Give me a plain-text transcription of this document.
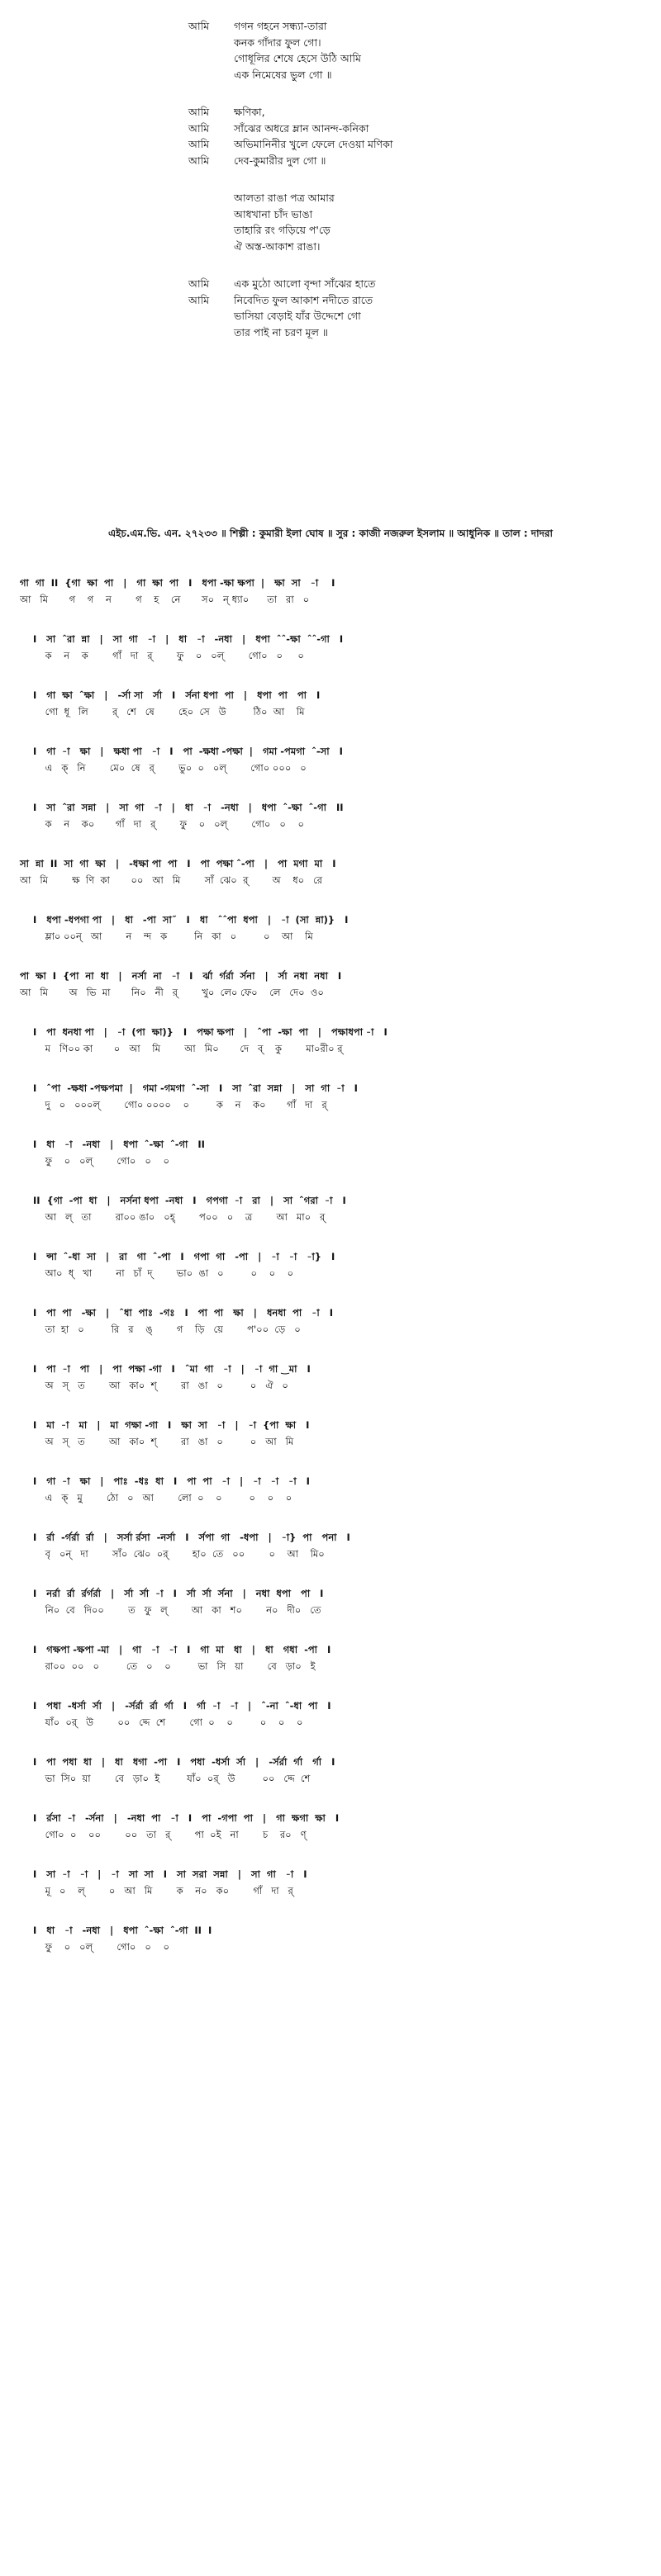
আমি	গগন গহনে সন্ধ্যা-তারা
কনক গাঁদার ফুল গো।
গোধূলির শেষে হেসে উঠি আমি
এক নিমেষের ভুল গো ॥
আমি	ক্ষণিকা,
আমি	সাঁঝের অধরে ম্লান আনন্দ-কনিকা
আমি	অভিমানিনীর খুলে ফেলে দেওয়া মণিকা
আমি	দেব-কুমারীর দুল গো ॥
আলতা রাঙা পত্র আমার
আধখানা চাঁদ ভাঙা
তাহারি রং গড়িয়ে প'ড়ে
ঐ অস্ত-আকাশ রাঙা।
আমি	এক মুঠো আলো বৃন্দা সাঁঝের হাতে
আমি	নিবেদিত ফুল আকাশ নদীতে রাতে
ভাসিয়া বেড়াই যাঁর উদ্দেশে গো
তার পাই না চরণ মূল ॥
এইচ.এম.ভি. এন. ২৭২৩৩ ॥ শিল্পী : কুমারী ইলা ঘোষ ॥ সুর : কাজী নজরুল ইসলাম ॥ আধুনিক ॥ তাল : দাদরা
গা  গা  II  {গা  ক্ষা  পা   |   গা  ক্ষা  পা   I   ধপা -ক্ষা ক্ষপা  |   ক্ষা  সা   -া    I
আ   মি       গ    গ    ন        গ    হ    নে       স০   ন্ ধ্যা০      তা   রা   ০
I   সা  ˆরা  ন্না   |   সা  গা   -া   |   ধা   -া   -নধা   |   ধপা  ˆˆ-ক্ষা  ˆˆ-গা   I
ক    ন    ক        গাঁ   দা   র্        ফু    ০   ০ল্        গো০   ০     ০
I   গা  ক্ষা  ˆক্ষা   |   -র্সা সা   র্সা   I   র্সনা ধপা  পা   |   ধপা  পা   পা   I
গো  ধূ   লি        র্   শে   ষে        হে০  সে   উ         ঠি০  আ    মি
I   গা  -া   ক্ষা   |   ক্ষধা পা   -া   I   পা  -ক্ষধা -পক্ষা  |   গমা -পমগা  ˆ-সা   I
এ   ক্   নি        মে০  ষে   র্        ভু০  ০   ০ল্        গো০ ০০০   ০
I   সা  ˆরা  সন্না   |   সা  গা   -া   |   ধা   -া   -নধা   |   ধপা  ˆ-ক্ষা  ˆ-গা   II
ক    ন    ক০       গাঁ   দা   র্        ফু    ০   ০ল্        গো০   ০    ০
সা  ন্না  II  সা  গা  ক্ষা   |   -ধক্ষা পা  পা   I   পা  পক্ষা ˆ-পা   |   পা  মগা  মা   I
আ   মি        ক্ষ  ণি  কা       ০০   আ   মি        সাঁ  ঝে০  র্        অ    ধ০   রে
I   ধপা -ধপগা পা   |   ধা   -পা  সা˝   I   ধা   ˆˆপা  ধপা   |   -া  (সা  ন্না)}   I
ম্লা০ ০০ন্   আ        ন    ন্দ   ক         নি   কা   ০         ০    আ    মি
পা  ক্ষা  I  {পা  না  ধা   |   নর্সা  না   -া   I   র্ঝা  র্গর্রা  র্সনা   |   র্সা  নধা  নধা   I
আ   মি       অ   ভি  মা       নি০   নী   র্        খু০  লে০ ফে০    লে   দে০  ও০
I   পা  ধনধা পা   |   -া  (পা  ক্ষা)}   I   পক্ষা ক্ষপা   |   ˆপা  -ক্ষা  পা   |   পক্ষাধপা -া   I
ম   ণি০০ কা       ০   আ    মি        আ   মি০       দে   ব্    কু        মা০রী০ র্
I   ˆপা  -ক্ষধা -পক্ষপমা  |   গমা -গমগা  ˆ-সা   I   সা  ˆরা  সন্না   |   সা  গা  -া   I
দু   ০   ০০০ল্        গো০ ০০০০    ০         ক    ন    ক০       গাঁ   দা   র্
I   ধা   -া   -নধা   |   ধপা  ˆ-ক্ষা  ˆ-গা   II
ফু    ০   ০ল্        গো০   ০    ০
II  {গা  -পা  ধা   |   নর্সনা ধপা  -নধা   I   গপগা  -া   রা   |   সা  ˆগরা  -া   I
আ   ল্   তা        রা০০ ঙা০   ০হ্        প০০   ০    ত্র        আ   মা০   র্
I   ন্সা  ˆ-ধা  সা   |   রা   গা  ˆ-পা   I   গপা  গা   -পা   |   -া   -া   -া}   I
আ০  ধ্   খা        না   চাঁ  দ্        ভা০  ঙা   ০         ০    ০    ০
I   পা  পা   -ক্ষা   |   ˆধা  পাঃ  -গঃ   I   পা  পা   ক্ষা   |   ধনধা  পা   -া   I
তা  হা   ০         রি   র    ঙ্        গ    ড়ি   য়ে        প'০০  ড়ে   ০
I   পা  -া   পা   |   পা  পক্ষা -গা   I   ˆমা  গা   -া   |   -া  গা ‿মা   I
অ   স্   ত        আ   কা০  শ্        রা   ঙা   ০         ০   ঐ   ০
I   মা  -া   মা   |   মা  গক্ষা -গা   I   ক্ষা  সা   -া   |   -া  {পা  ক্ষা   I
অ   স্   ত        আ   কা০  শ্        রা   ঙা   ০         ০   আ   মি
I   গা  -া   ক্ষা   |   পাঃ  -ধঃ  ধা   I   পা  পা   -া   |   -া   -া   -া   I
এ   ক্   মু        ঠো   ০   আ        লো  ০    ০         ০    ০    ০
I   র্রা  -র্গর্রা  র্রা   |   সর্সা র্রসা  -নর্সা   I   র্সপা  গা   -ধপা   |   -া}  পা   পনা   I
বৃ   ০ন্   দা        সাঁ০  ঝে০  ০র্        হা০  তে   ০০        ০    আ    মি০
I   নর্রা  র্রা  র্রর্গর্রা   |   র্সা  র্সা  -া   I   র্সা  র্সা  র্সনা   |   নধা  ধপা   পা   I
নি০  বে   দি০০        ত   ফু   ল্        আ   কা   শ০        ন০   দী০   তে
I   গক্ষপা -ক্ষপা -মা   |   গা   -া   -া   I   গা  মা   ধা   |   ধা   গধা  -পা   I
রা০০  ০০   ০         তে   ০    ০         ভা   সি   য়া        বে   ড়া০   ই
I   পধা  -ধর্সা  র্সা   |   -র্সর্রা  র্রা  র্গা   I   র্গা  -া   -া   |   ˆ-না  ˆ-ধা  পা   I
যাঁ০  ০র্   উ        ০০   দ্দে  শে        গো  ০    ০         ০    ০    ০
I   পা  পধা  ধা   |   ধা   ধগা  -পা   I   পধা  -ধর্সা  র্সা   |   -র্সর্রা  র্গা   র্গা   I
ভা  সি০  য়া        বে   ড়া০  ই         যাঁ০  ০র্   উ         ০০   দ্দে  শে
I   র্রসা  -া   -র্সনা   |   -নধা  পা   -া   I   পা  -গপা  পা   |   গা  ক্ষগা  ক্ষা   I
গো০  ০    ০০        ০০   তা   র্        পা  ০ই   না        চ    র০   ণ্
I   সা  -া   -া   |   -া   সা  সা   I   সা  সরা  সন্না   |   সা  গা   -া   I
মূ   ০    ল্        ০   আ   মি        ক    ন০   ক০        গাঁ   দা   র্
I   ধা   -া   -নধা   |   ধপা  ˆ-ক্ষা  ˆ-গা  II  I
ফু    ০   ০ল্        গো০   ০    ০
